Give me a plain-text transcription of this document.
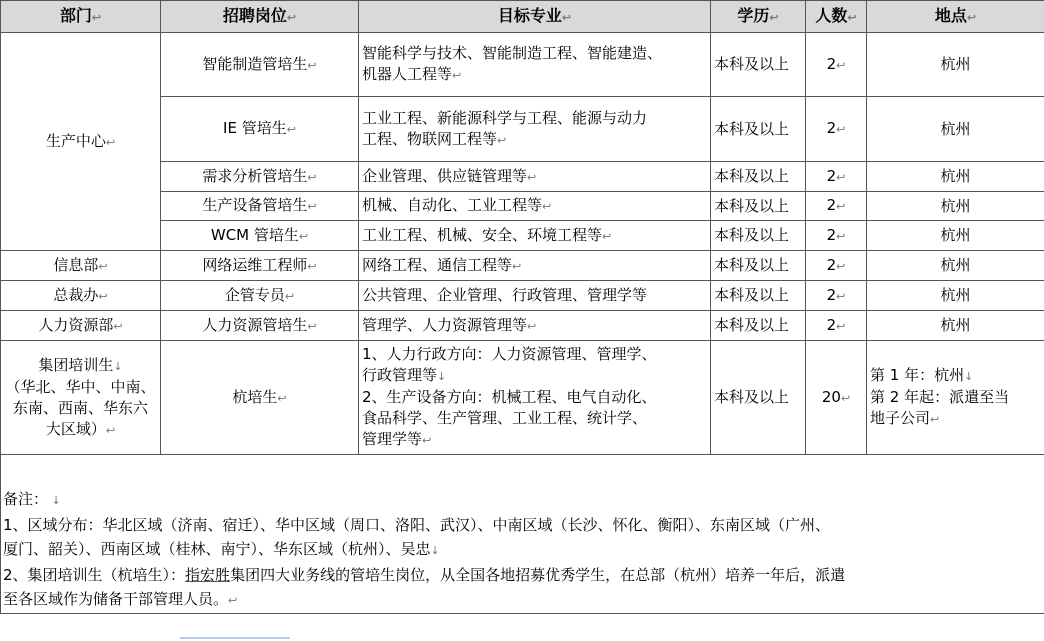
部门↩	招聘岗位↩	目标专业↩	学历↩	人数↩	地点↩
生产中心↩	智能制造管培生↩	智能科学与技术、智能制造工程、智能建造、
机器人工程等↩	本科及以上	2↩	杭州
	IE 管培生↩	工业工程、新能源科学与工程、能源与动力
工程、物联网工程等↩	本科及以上	2↩	杭州
	需求分析管培生↩	企业管理、供应链管理等↩	本科及以上	2↩	杭州
	生产设备管培生↩	机械、自动化、工业工程等↩	本科及以上	2↩	杭州
	WCM 管培生↩	工业工程、机械、安全、环境工程等↩	本科及以上	2↩	杭州
信息部↩	网络运维工程师↩	网络工程、通信工程等↩	本科及以上	2↩	杭州
总裁办↩	企管专员↩	公共管理、企业管理、行政管理、管理学等	本科及以上	2↩	杭州
人力资源部↩	人力资源管培生↩	管理学、人力资源管理等↩	本科及以上	2↩	杭州
集团培训生↓
（华北、华中、中南、
东南、西南、华东六
大区域）↩	杭培生↩	1、人力行政方向：人力资源管理、管理学、
行政管理等↓
2、生产设备方向：机械工程、电气自动化、
食品科学、生产管理、工业工程、统计学、
管理学等↩	本科及以上	20↩	第 1 年：杭州↓
第 2 年起：派遣至当
地子公司↩

备注： ↓
1、区域分布：华北区域（济南、宿迁）、华中区域（周口、洛阳、武汉）、中南区域（长沙、怀化、衡阳）、东南区域（广州、
厦门、韶关）、西南区域（桂林、南宁）、华东区域（杭州）、吴忠↓
2、集团培训生（杭培生）：指宏胜集团四大业务线的管培生岗位，从全国各地招募优秀学生，在总部（杭州）培养一年后，派遣
至各区域作为储备干部管理人员。↩					
